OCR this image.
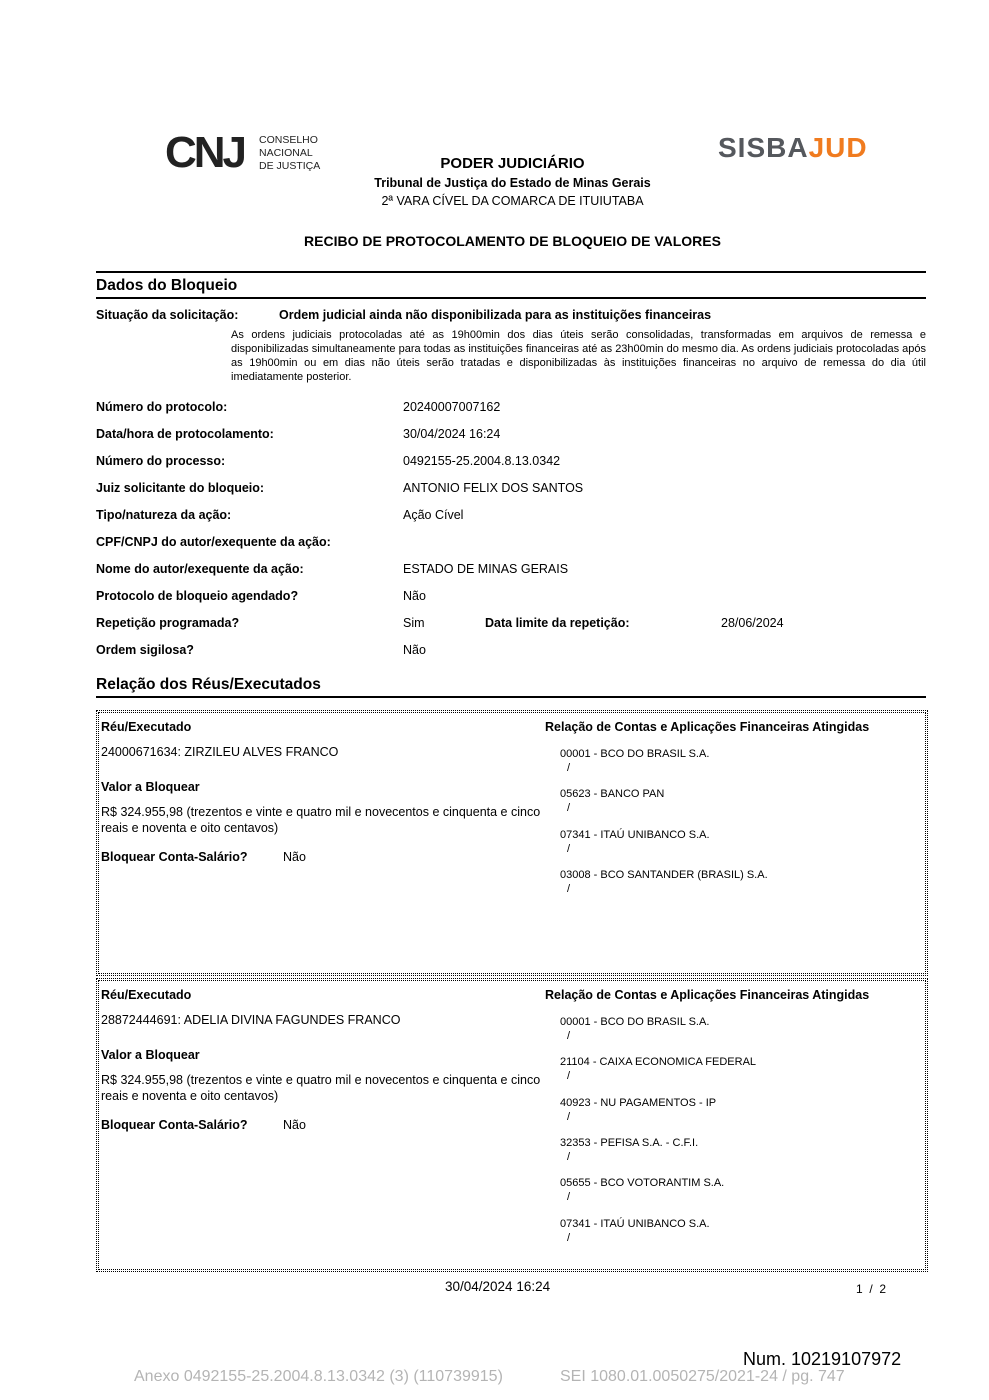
CNJ CONSELHO
NACIONAL
DE JUSTIÇA
SISBAJUD
PODER JUDICIÁRIO
Tribunal de Justiça do Estado de Minas Gerais
2ª VARA CÍVEL DA COMARCA DE ITUIUTABA
RECIBO DE PROTOCOLAMENTO DE BLOQUEIO DE VALORES
Dados do Bloqueio
Situação da solicitação:	Ordem judicial ainda não disponibilizada para as instituições financeiras
As ordens judiciais protocoladas até as 19h00min dos dias úteis serão consolidadas, transformadas em arquivos de remessa e disponibilizadas simultaneamente para todas as instituições financeiras até as 23h00min do mesmo dia. As ordens judiciais protocoladas após as 19h00min ou em dias não úteis serão tratadas e disponibilizadas às instituições financeiras no arquivo de remessa do dia útil imediatamente posterior.
Número do protocolo:	20240007007162
Data/hora de protocolamento:	30/04/2024 16:24
Número do processo:	0492155-25.2004.8.13.0342
Juiz solicitante do bloqueio:	ANTONIO FELIX DOS SANTOS
Tipo/natureza da ação:	Ação Cível
CPF/CNPJ do autor/exequente da ação:
Nome do autor/exequente da ação:	ESTADO DE MINAS GERAIS
Protocolo de bloqueio agendado?	Não
Repetição programada?	Sim	Data limite da repetição:	28/06/2024
Ordem sigilosa?	Não
Relação dos Réus/Executados
Réu/Executado	Relação de Contas e Aplicações Financeiras Atingidas
24000671634: ZIRZILEU ALVES FRANCO
Valor a Bloquear
R$ 324.955,98 (trezentos e vinte e quatro mil e novecentos e cinquenta e cinco reais e noventa e oito centavos)
Bloquear Conta-Salário?	Não
00001 - BCO DO BRASIL S.A.
/
05623 - BANCO PAN
/
07341 - ITAÚ UNIBANCO S.A.
/
03008 - BCO SANTANDER (BRASIL) S.A.
/
Réu/Executado	Relação de Contas e Aplicações Financeiras Atingidas
28872444691: ADELIA DIVINA FAGUNDES FRANCO
Valor a Bloquear
R$ 324.955,98 (trezentos e vinte e quatro mil e novecentos e cinquenta e cinco reais e noventa e oito centavos)
Bloquear Conta-Salário?	Não
00001 - BCO DO BRASIL S.A.
/
21104 - CAIXA ECONOMICA FEDERAL
/
40923 - NU PAGAMENTOS - IP
/
32353 - PEFISA S.A. - C.F.I.
/
05655 - BCO VOTORANTIM S.A.
/
07341 - ITAÚ UNIBANCO S.A.
/
30/04/2024 16:24	1  /  2
Num. 10219107972
Anexo 0492155-25.2004.8.13.0342 (3) (110739915)	SEI 1080.01.0050275/2021-24 / pg. 747
